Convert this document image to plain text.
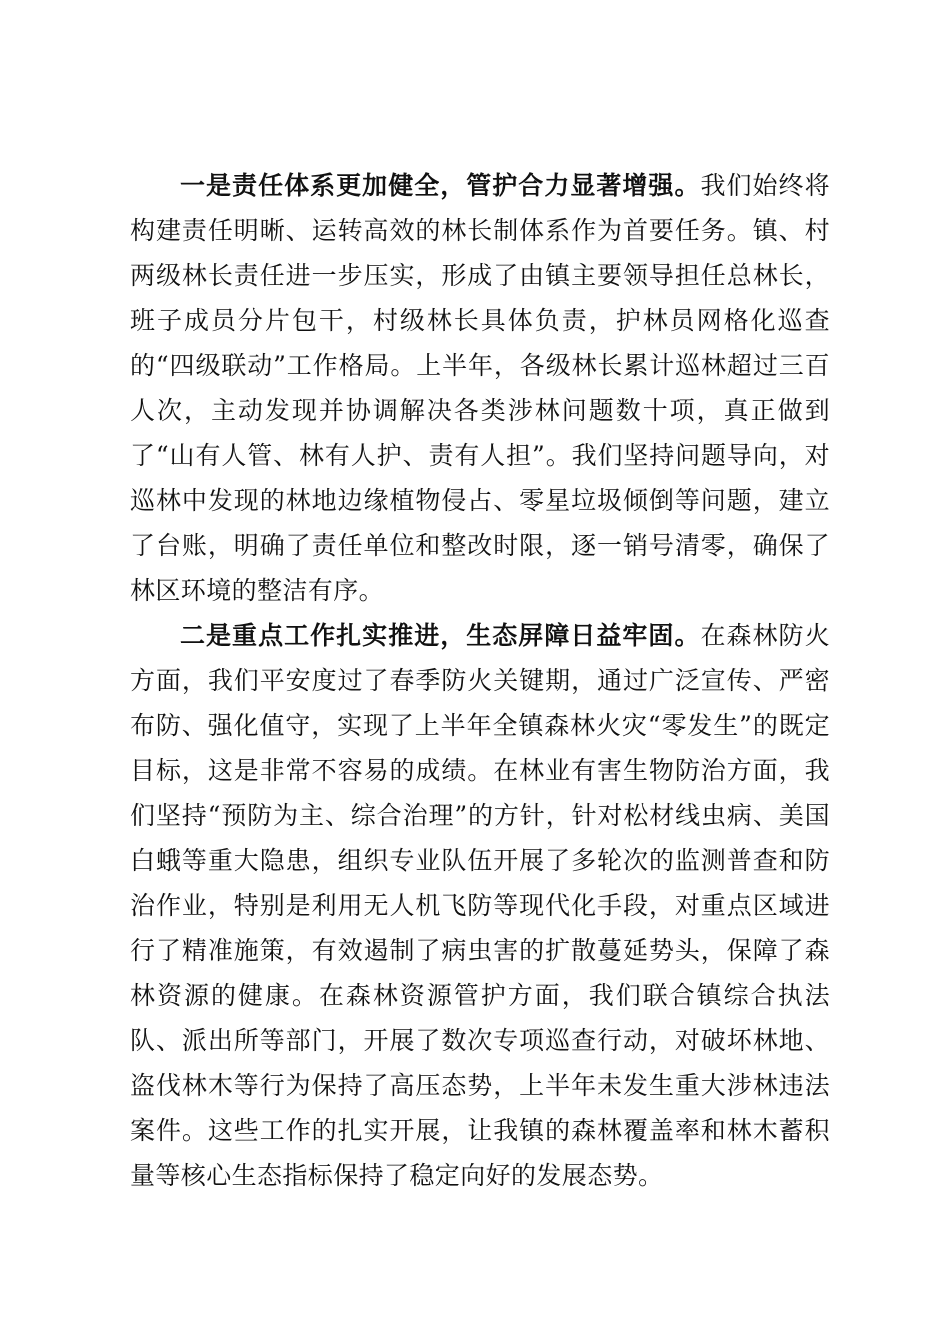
一是责任体系更加健全，管护合力显著增强。我们始终将构建责任明晰、运转高效的林长制体系作为首要任务。镇、村两级林长责任进一步压实，形成了由镇主要领导担任总林长，班子成员分片包干，村级林长具体负责，护林员网格化巡查的“四级联动”工作格局。上半年，各级林长累计巡林超过三百人次，主动发现并协调解决各类涉林问题数十项，真正做到了“山有人管、林有人护、责有人担”。我们坚持问题导向，对巡林中发现的林地边缘植物侵占、零星垃圾倾倒等问题，建立了台账，明确了责任单位和整改时限，逐一销号清零，确保了林区环境的整洁有序。

二是重点工作扎实推进，生态屏障日益牢固。在森林防火方面，我们平安度过了春季防火关键期，通过广泛宣传、严密布防、强化值守，实现了上半年全镇森林火灾“零发生”的既定目标，这是非常不容易的成绩。在林业有害生物防治方面，我们坚持“预防为主、综合治理”的方针，针对松材线虫病、美国白蛾等重大隐患，组织专业队伍开展了多轮次的监测普查和防治作业，特别是利用无人机飞防等现代化手段，对重点区域进行了精准施策，有效遏制了病虫害的扩散蔓延势头，保障了森林资源的健康。在森林资源管护方面，我们联合镇综合执法队、派出所等部门，开展了数次专项巡查行动，对破坏林地、盗伐林木等行为保持了高压态势，上半年未发生重大涉林违法案件。这些工作的扎实开展，让我镇的森林覆盖率和林木蓄积量等核心生态指标保持了稳定向好的发展态势。
